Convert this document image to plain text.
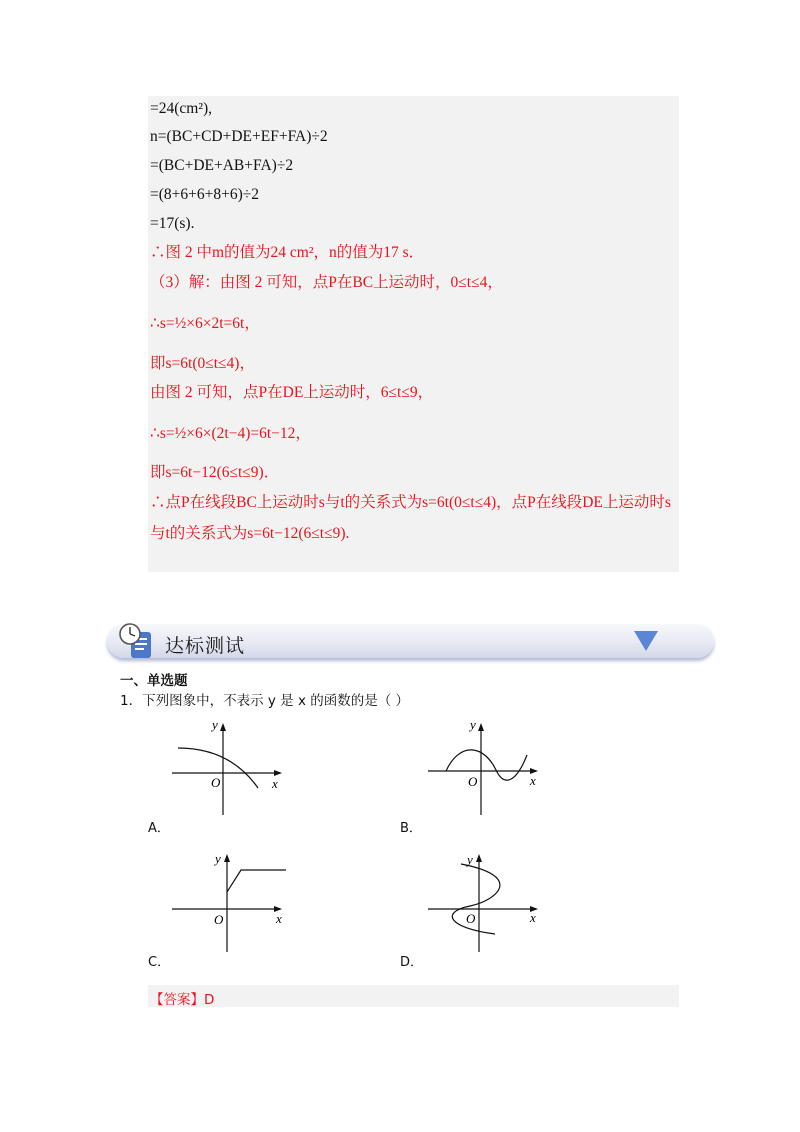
=24(cm²),
n=(BC+CD+DE+EF+FA)÷2
=(BC+DE+AB+FA)÷2
=(8+6+6+8+6)÷2
=17(s).
∴图 2 中m的值为24 cm²，n的值为17 s．
（3）解：由图 2 可知，点P在BC上运动时，0≤t≤4，
∴s=½×6×2t=6t，
即s=6t(0≤t≤4)，
由图 2 可知，点P在DE上运动时，6≤t≤9，
∴s=½×6×(2t−4)=6t−12，
即s=6t−12(6≤t≤9)．
∴点P在线段BC上运动时s与t的关系式为s=6t(0≤t≤4)，点P在线段DE上运动时s
与t的关系式为s=6t−12(6≤t≤9).
达标测试
一、单选题
1．下列图象中，不表示 y 是 x 的函数的是（ ）
y
x
O
A．
y
x
O
B．
y
x
O
C．
y
x
O
D．
【答案】D
